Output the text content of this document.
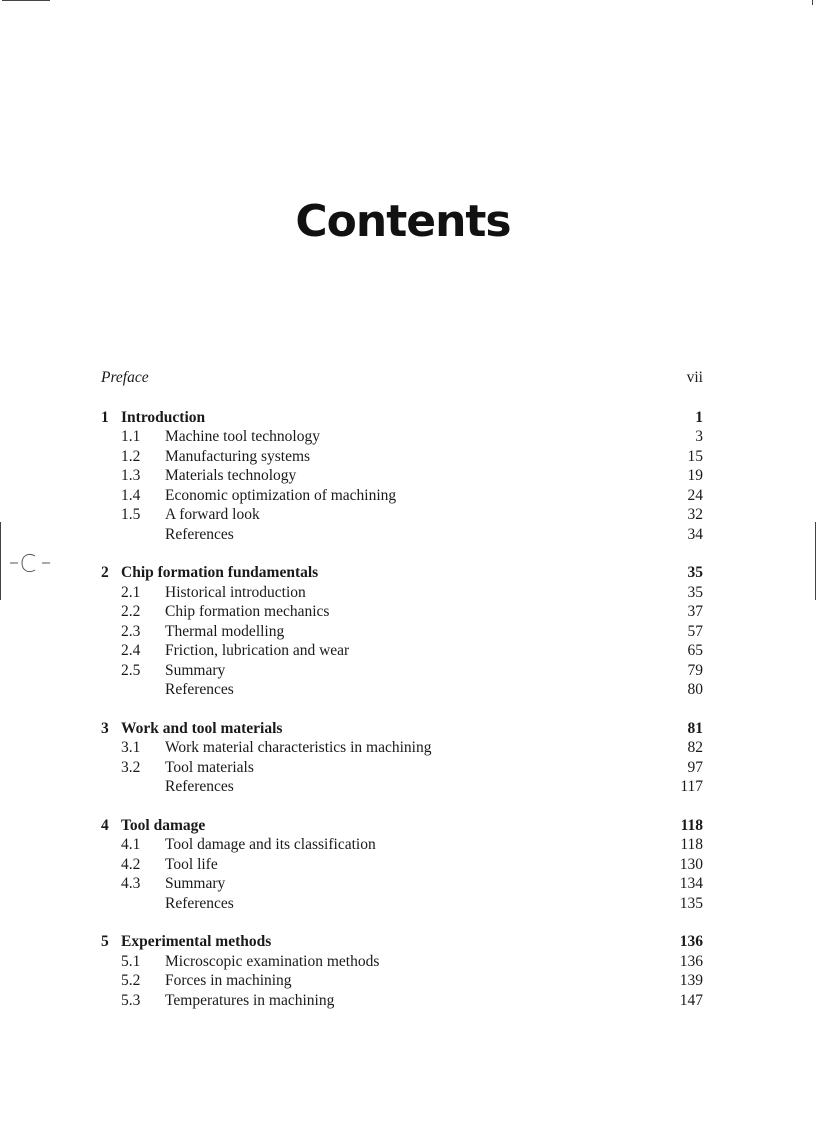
Contents
Preface	vii
1 Introduction	1
1.1 Machine tool technology	3
1.2 Manufacturing systems	15
1.3 Materials technology	19
1.4 Economic optimization of machining	24
1.5 A forward look	32
References	34
2 Chip formation fundamentals	35
2.1 Historical introduction	35
2.2 Chip formation mechanics	37
2.3 Thermal modelling	57
2.4 Friction, lubrication and wear	65
2.5 Summary	79
References	80
3 Work and tool materials	81
3.1 Work material characteristics in machining	82
3.2 Tool materials	97
References	117
4 Tool damage	118
4.1 Tool damage and its classification	118
4.2 Tool life	130
4.3 Summary	134
References	135
5 Experimental methods	136
5.1 Microscopic examination methods	136
5.2 Forces in machining	139
5.3 Temperatures in machining	147
